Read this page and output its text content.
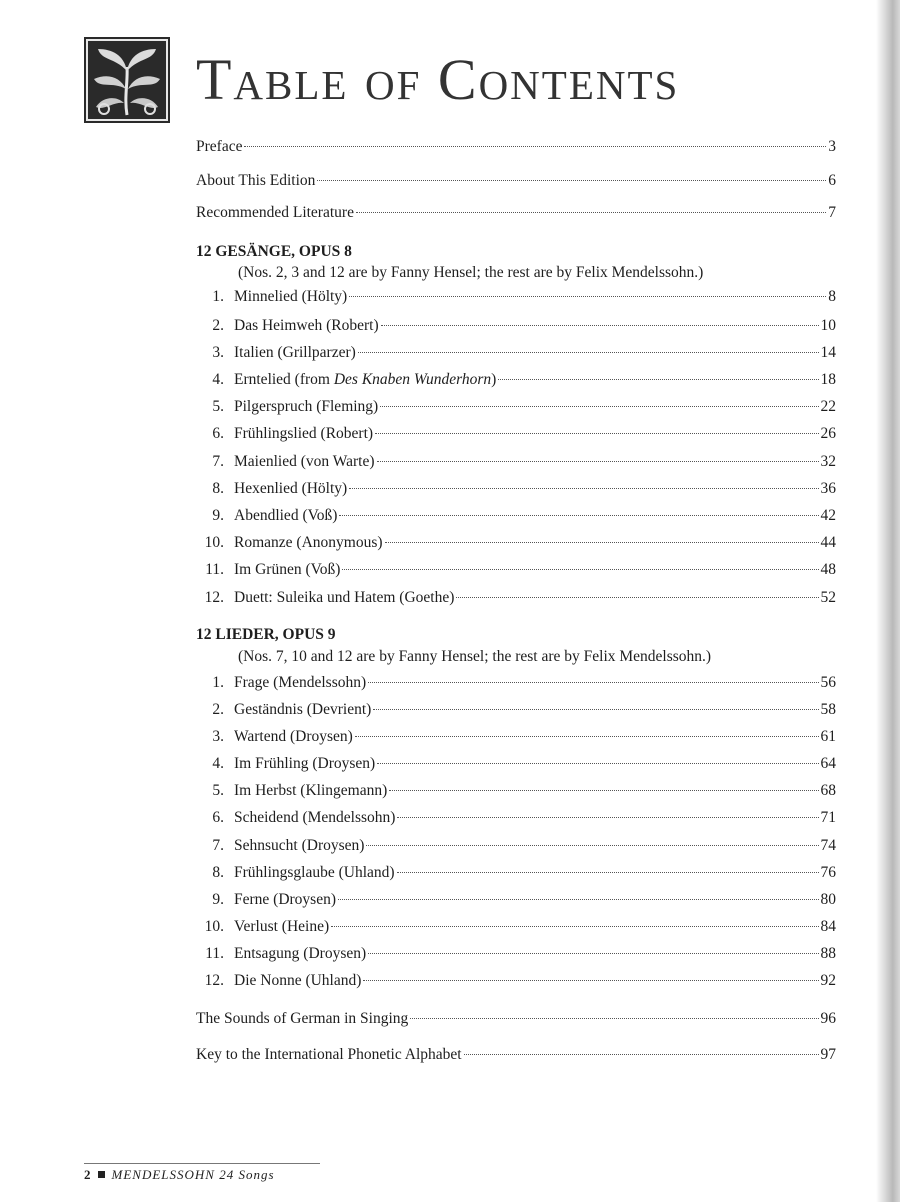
Table of Contents
Preface	3
About This Edition	6
Recommended Literature	7
12 GESÄNGE, OPUS 8
(Nos. 2, 3 and 12 are by Fanny Hensel; the rest are by Felix Mendelssohn.)
1. Minnelied (Hölty)	8
2. Das Heimweh (Robert)	10
3. Italien (Grillparzer)	14
4. Erntelied (from Des Knaben Wunderhorn)	18
5. Pilgerspruch (Fleming)	22
6. Frühlingslied (Robert)	26
7. Maienlied (von Warte)	32
8. Hexenlied (Hölty)	36
9. Abendlied (Voß)	42
10. Romanze (Anonymous)	44
11. Im Grünen (Voß)	48
12. Duett: Suleika und Hatem (Goethe)	52
12 LIEDER, OPUS 9
(Nos. 7, 10 and 12 are by Fanny Hensel; the rest are by Felix Mendelssohn.)
1. Frage (Mendelssohn)	56
2. Geständnis (Devrient)	58
3. Wartend (Droysen)	61
4. Im Frühling (Droysen)	64
5. Im Herbst (Klingemann)	68
6. Scheidend (Mendelssohn)	71
7. Sehnsucht (Droysen)	74
8. Frühlingsglaube (Uhland)	76
9. Ferne (Droysen)	80
10. Verlust (Heine)	84
11. Entsagung (Droysen)	88
12. Die Nonne (Uhland)	92
The Sounds of German in Singing	96
Key to the International Phonetic Alphabet	97
2 MENDELSSOHN 24 Songs
